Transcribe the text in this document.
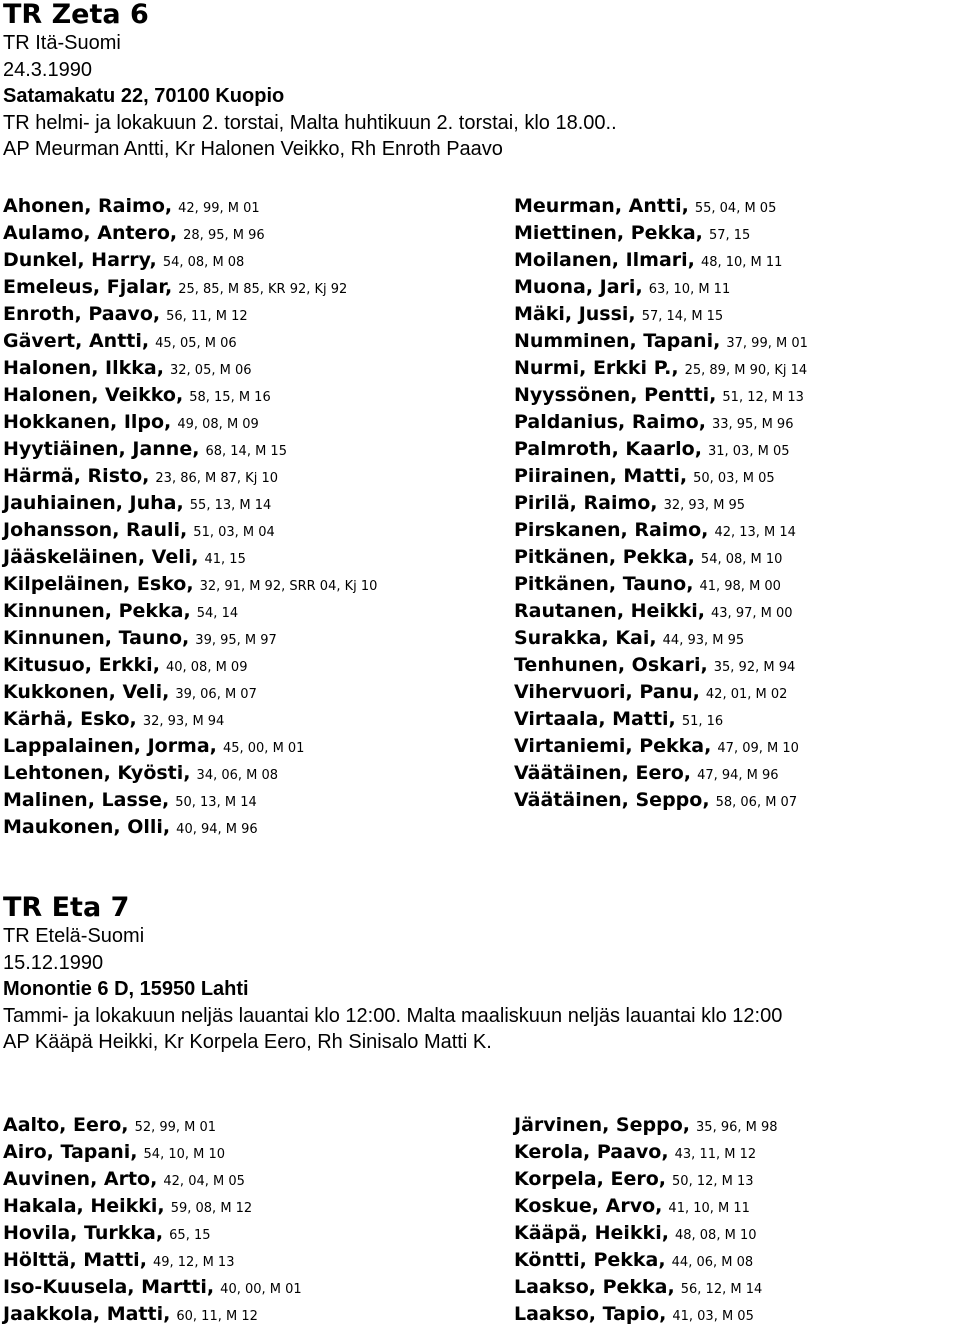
TR Zeta 6
TR Itä-Suomi
24.3.1990
Satamakatu 22, 70100 Kuopio
TR helmi- ja lokakuun 2. torstai, Malta huhtikuun 2. torstai, klo 18.00..
AP Meurman Antti, Kr Halonen Veikko, Rh Enroth Paavo
Ahonen, Raimo, 42, 99, M 01
Aulamo, Antero, 28, 95, M 96
Dunkel, Harry, 54, 08, M 08
Emeleus, Fjalar, 25, 85, M 85, KR 92, Kj 92
Enroth, Paavo, 56, 11, M 12
Gävert, Antti, 45, 05, M 06
Halonen, Ilkka, 32, 05, M 06
Halonen, Veikko, 58, 15, M 16
Hokkanen, Ilpo, 49, 08, M 09
Hyytiäinen, Janne, 68, 14, M 15
Härmä, Risto, 23, 86, M 87, Kj 10
Jauhiainen, Juha, 55, 13, M 14
Johansson, Rauli, 51, 03, M 04
Jääskeläinen, Veli, 41, 15
Kilpeläinen, Esko, 32, 91, M 92, SRR 04, Kj 10
Kinnunen, Pekka, 54, 14
Kinnunen, Tauno, 39, 95, M 97
Kitusuo, Erkki, 40, 08, M 09
Kukkonen, Veli, 39, 06, M 07
Kärhä, Esko, 32, 93, M 94
Lappalainen, Jorma, 45, 00, M 01
Lehtonen, Kyösti, 34, 06, M 08
Malinen, Lasse, 50, 13, M 14
Maukonen, Olli, 40, 94, M 96
Meurman, Antti, 55, 04, M 05
Miettinen, Pekka, 57, 15
Moilanen, Ilmari, 48, 10, M 11
Muona, Jari, 63, 10, M 11
Mäki, Jussi, 57, 14, M 15
Numminen, Tapani, 37, 99, M 01
Nurmi, Erkki P., 25, 89, M 90, Kj 14
Nyyssönen, Pentti, 51, 12, M 13
Paldanius, Raimo, 33, 95, M 96
Palmroth, Kaarlo, 31, 03, M 05
Piirainen, Matti, 50, 03, M 05
Pirilä, Raimo, 32, 93, M 95
Pirskanen, Raimo, 42, 13, M 14
Pitkänen, Pekka, 54, 08, M 10
Pitkänen, Tauno, 41, 98, M 00
Rautanen, Heikki, 43, 97, M 00
Surakka, Kai, 44, 93, M 95
Tenhunen, Oskari, 35, 92, M 94
Vihervuori, Panu, 42, 01, M 02
Virtaala, Matti, 51, 16
Virtaniemi, Pekka, 47, 09, M 10
Väätäinen, Eero, 47, 94, M 96
Väätäinen, Seppo, 58, 06, M 07
TR Eta 7
TR Etelä-Suomi
15.12.1990
Monontie 6 D, 15950 Lahti
Tammi- ja lokakuun neljäs lauantai klo 12:00. Malta maaliskuun neljäs lauantai klo 12:00
AP Kääpä Heikki, Kr Korpela Eero, Rh Sinisalo Matti K.
Aalto, Eero, 52, 99, M 01
Airo, Tapani, 54, 10, M 10
Auvinen, Arto, 42, 04, M 05
Hakala, Heikki, 59, 08, M 12
Hovila, Turkka, 65, 15
Hölttä, Matti, 49, 12, M 13
Iso-Kuusela, Martti, 40, 00, M 01
Jaakkola, Matti, 60, 11, M 12
Järvinen, Seppo, 35, 96, M 98
Kerola, Paavo, 43, 11, M 12
Korpela, Eero, 50, 12, M 13
Koskue, Arvo, 41, 10, M 11
Kääpä, Heikki, 48, 08, M 10
Köntti, Pekka, 44, 06, M 08
Laakso, Pekka, 56, 12, M 14
Laakso, Tapio, 41, 03, M 05
